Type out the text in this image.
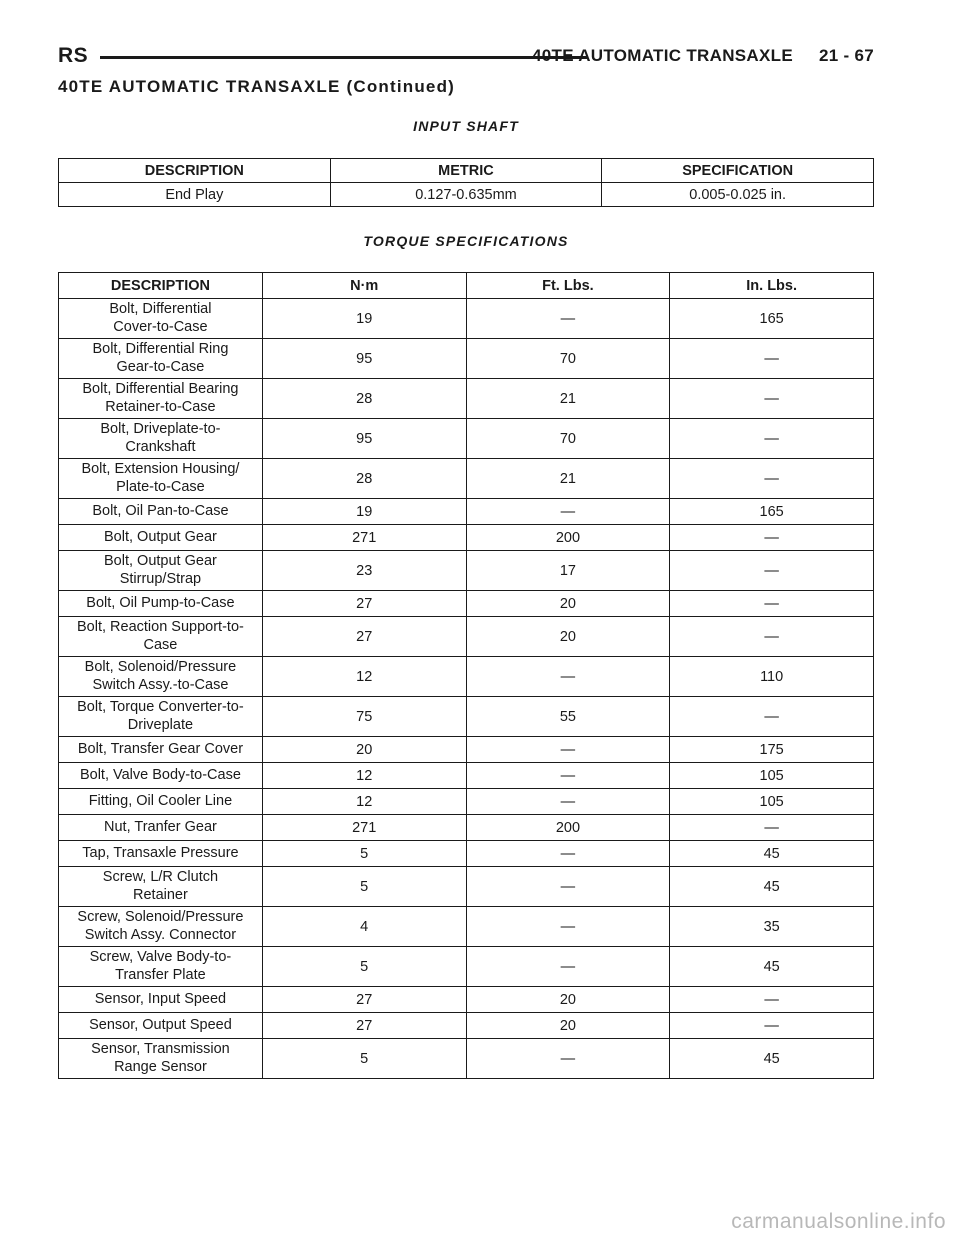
RS	40TE AUTOMATIC TRANSAXLE 21 - 67
40TE AUTOMATIC TRANSAXLE (Continued)
INPUT SHAFT
DESCRIPTION	METRIC	SPECIFICATION
End Play	0.127-0.635mm	0.005-0.025 in.
TORQUE SPECIFICATIONS
DESCRIPTION	N·m	Ft. Lbs.	In. Lbs.
Bolt, Differential
Cover-to-Case	19	—	165
Bolt, Differential Ring
Gear-to-Case	95	70	—
Bolt, Differential Bearing
Retainer-to-Case	28	21	—
Bolt, Driveplate-to-
Crankshaft	95	70	—
Bolt, Extension Housing/
Plate-to-Case	28	21	—
Bolt, Oil Pan-to-Case	19	—	165
Bolt, Output Gear	271	200	—
Bolt, Output Gear
Stirrup/Strap	23	17	—
Bolt, Oil Pump-to-Case	27	20	—
Bolt, Reaction Support-to-
Case	27	20	—
Bolt, Solenoid/Pressure
Switch Assy.-to-Case	12	—	110
Bolt, Torque Converter-to-
Driveplate	75	55	—
Bolt, Transfer Gear Cover	20	—	175
Bolt, Valve Body-to-Case	12	—	105
Fitting, Oil Cooler Line	12	—	105
Nut, Tranfer Gear	271	200	—
Tap, Transaxle Pressure	5	—	45
Screw, L/R Clutch
Retainer	5	—	45
Screw, Solenoid/Pressure
Switch Assy. Connector	4	—	35
Screw, Valve Body-to-
Transfer Plate	5	—	45
Sensor, Input Speed	27	20	—
Sensor, Output Speed	27	20	—
Sensor, Transmission
Range Sensor	5	—	45
carmanualsonline.info
